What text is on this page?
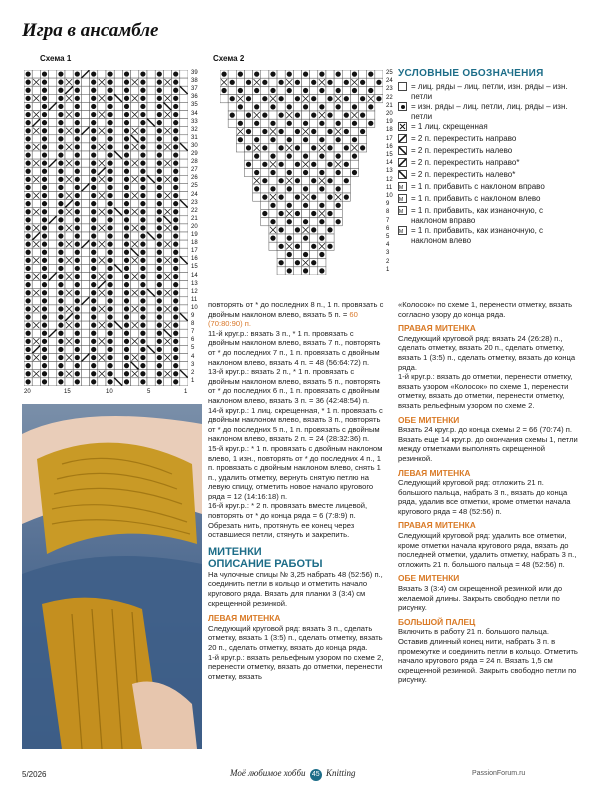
Игра в ансамбле
Схема 1
39
38
37
36
35
34
33
32
31
30
29
28
27
26
25
24
23
22
21
20
19
18
17
16
15
14
13
12
11
10
9
8
7
6
5
4
3
2
1
20	15	10	5	1
Схема 2
25
24
23
22
21
20
19
18
17
16
15
14
13
12
11
10
9
8
7
6
5
4
3
2
1
УСЛОВНЫЕ ОБОЗНАЧЕНИЯ
= лиц. ряды – лиц. петли, изн. ряды – изн. петли
= изн. ряды – лиц. петли, лиц. ряды – изн. петли
= 1 лиц. скрещенная
= 2 п. перекрестить направо
= 2 п. перекрестить налево
= 2 п. перекрестить направо*
= 2 п. перекрестить налево*
M = 1 п. прибавить с наклоном вправо
M = 1 п. прибавить с наклоном влево
M = 1 п. прибавить, как изнаночную, с наклоном вправо
M = 1 п. прибавить, как изнаночную, с наклоном влево

повторять от * до последних 8 п., 1 п. провязать с двойным наклоном влево, вязать 5 п. = 60 (70:80:90) п.

11-й круг.р.: вязать 3 п., * 1 п. провязать с двойным наклоном влево, вязать 7 п., повторять от * до последних 7 п., 1 п. провязать с двойным наклоном влево, вязать 4 п. = 48 (56:64:72) п.

13-й круг.р.: вязать 2 п., * 1 п. провязать с двойным наклоном влево, вязать 5 п., повторять от * до последних 6 п., 1 п. провязать с двойным наклоном влево, вязать 3 п. = 36 (42:48:54) п.

14-й круг.р.: 1 лиц. скрещенная, * 1 п. провязать с двойным наклоном влево, вязать 3 п., повторять от * до последних 5 п., 1 п. провязать с двойным наклоном влево, вязать 2 п. = 24 (28:32:36) п.

15-й круг.р.: * 1 п. провязать с двойным наклоном влево, 1 изн., повторять от * до последних 4 п., 1 п. провязать с двойным наклоном влево, снять 1 п., удалить отметку, вернуть снятую петлю на левую спицу, отметить новое начало кругового ряда = 12 (14:16:18) п.

16-й круг.р.: * 2 п. провязать вместе лицевой, повторять от * до конца ряда = 6 (7:8:9) п. Обрезать нить, протянуть ее конец через оставшиеся петли, стянуть и закрепить.

МИТЕНКИ
ОПИСАНИЕ РАБОТЫ

На чулочные спицы № 3,25 набрать 48 (52:56) п., соединить петли в кольцо и отметить начало кругового ряда. Вязать для планки 3 (3:4) см скрещенной резинкой.

ЛЕВАЯ МИТЕНКА

Следующий круговой ряд: вязать 3 п., сделать отметку, вязать 1 (3:5) п., сделать отметку, вязать 20 п., сделать отметку, вязать до конца ряда.

1-й круг.р.: вязать рельефным узором по схеме 2, перенести отметку, вязать до отметки, перенести отметку, вязать

«Колосок» по схеме 1, перенести отметку, вязать согласно узору до конца ряда.

ПРАВАЯ МИТЕНКА

Следующий круговой ряд: вязать 24 (26:28) п., сделать отметку, вязать 20 п., сделать отметку, вязать 1 (3:5) п., сделать отметку, вязать до конца ряда.

1-й круг.р.: вязать до отметки, перенести отметку, вязать узором «Колосок» по схеме 1, перенести отметку, вязать до отметки, перенести отметку, вязать рельефным узором по схеме 2.

ОБЕ МИТЕНКИ

Вязать 24 круг.р. до конца схемы 2 = 66 (70:74) п.

Вязать еще 14 круг.р. до окончания схемы 1, петли между отметками выполнять скрещенной резинкой.

ЛЕВАЯ МИТЕНКА

Следующий круговой ряд: отложить 21 п. большого пальца, набрать 3 п., вязать до конца ряда, удалив все отметки, кроме отметки начала кругового ряда = 48 (52:56) п.

ПРАВАЯ МИТЕНКА

Следующий круговой ряд: удалить все отметки, кроме отметки начала кругового ряда, вязать до последней отметки, удалить отметку, набрать 3 п., отложить 21 п. большого пальца = 48 (52:56) п.

ОБЕ МИТЕНКИ

Вязать 3 (3:4) см скрещенной резинкой или до желаемой длины. Закрыть свободно петли по рисунку.

БОЛЬШОЙ ПАЛЕЦ

Включить в работу 21 п. большого пальца. Оставив длинный конец нити, набрать 3 п. в промежутке и соединить петли в кольцо. Отметить начало кругового ряда = 24 п. Вязать 1,5 см скрещенной резинкой. Закрыть свободно петли по рисунку.

5/2026	Моё любимое хобби 45 Knitting	PassionForum.ru
